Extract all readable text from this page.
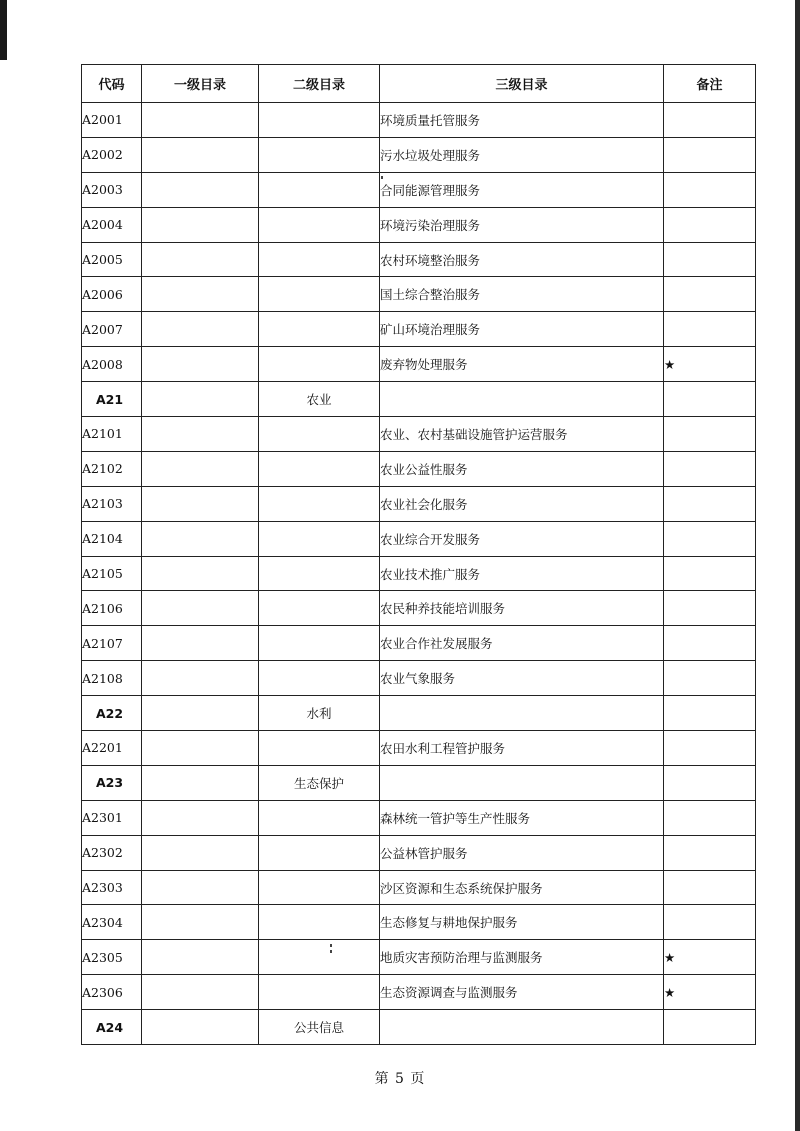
代码	一级目录	二级目录	三级目录	备注
A2001			环境质量托管服务	
A2002			污水垃圾处理服务	
A2003			合同能源管理服务	
A2004			环境污染治理服务	
A2005			农村环境整治服务	
A2006			国土综合整治服务	
A2007			矿山环境治理服务	
A2008			废弃物处理服务	★
A21		农业		
A2101			农业、农村基础设施管护运营服务	
A2102			农业公益性服务	
A2103			农业社会化服务	
A2104			农业综合开发服务	
A2105			农业技术推广服务	
A2106			农民种养技能培训服务	
A2107			农业合作社发展服务	
A2108			农业气象服务	
A22		水利		
A2201			农田水利工程管护服务	
A23		生态保护		
A2301			森林统一管护等生产性服务	
A2302			公益林管护服务	
A2303			沙区资源和生态系统保护服务	
A2304			生态修复与耕地保护服务	
A2305			地质灾害预防治理与监测服务	★
A2306			生态资源调查与监测服务	★
A24		公共信息		
第 5 页
